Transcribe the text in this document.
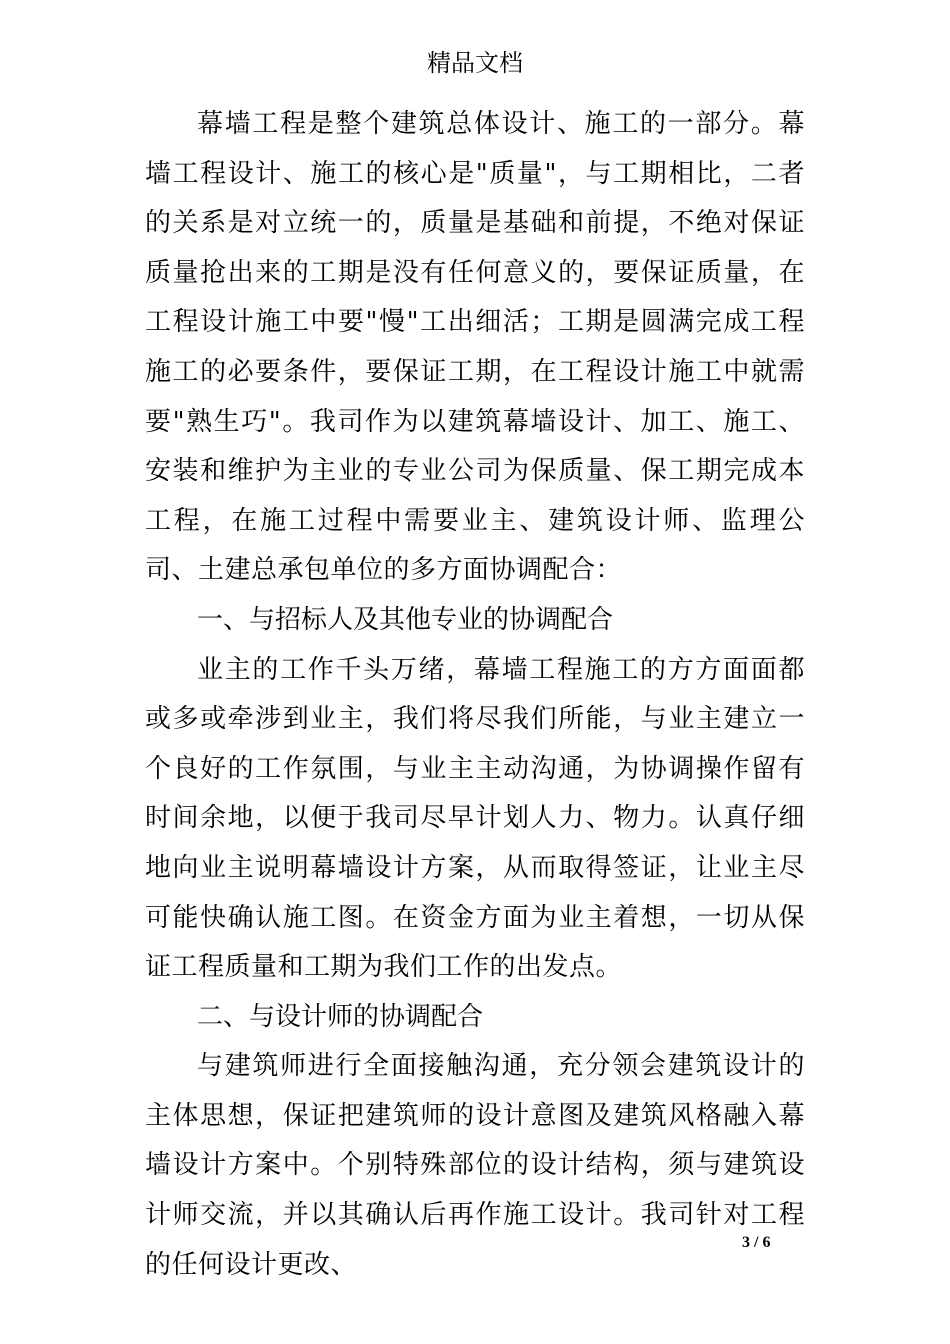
精品文档

幕墙工程是整个建筑总体设计、施工的一部分。幕墙工程设计、施工的核心是"质量"，与工期相比，二者的关系是对立统一的，质量是基础和前提，不绝对保证质量抢出来的工期是没有任何意义的，要保证质量，在工程设计施工中要"慢"工出细活；工期是圆满完成工程施工的必要条件，要保证工期，在工程设计施工中就需要"熟生巧"。我司作为以建筑幕墙设计、加工、施工、安装和维护为主业的专业公司为保质量、保工期完成本工程，在施工过程中需要业主、建筑设计师、监理公司、土建总承包单位的多方面协调配合：

一、与招标人及其他专业的协调配合

业主的工作千头万绪，幕墙工程施工的方方面面都或多或牵涉到业主，我们将尽我们所能，与业主建立一个良好的工作氛围，与业主主动沟通，为协调操作留有时间余地，以便于我司尽早计划人力、物力。认真仔细地向业主说明幕墙设计方案，从而取得签证，让业主尽可能快确认施工图。在资金方面为业主着想，一切从保证工程质量和工期为我们工作的出发点。

二、与设计师的协调配合

与建筑师进行全面接触沟通，充分领会建筑设计的主体思想，保证把建筑师的设计意图及建筑风格融入幕墙设计方案中。个别特殊部位的设计结构，须与建筑设计师交流，并以其确认后再作施工设计。我司针对工程的任何设计更改、

3 / 6
